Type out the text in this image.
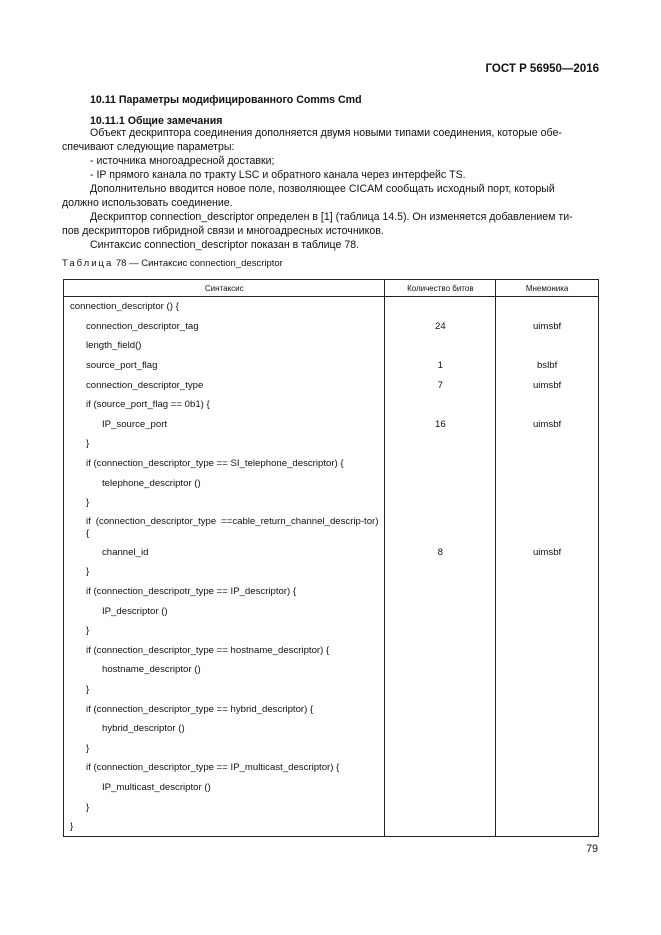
ГОСТ Р 56950—2016
10.11 Параметры модифицированного Comms Cmd
10.11.1 Общие замечания
Объект дескриптора соединения дополняется двумя новыми типами соединения, которые обе-
спечивают следующие параметры:
- источника многоадресной доставки;
- IP прямого канала по тракту LSC и обратного канала через интерфейс TS.
Дополнительно вводится новое поле, позволяющее CICAM сообщать исходный порт, который
должно использовать соединение.
Дескриптор connection_descriptor определен в [1] (таблица 14.5). Он изменяется добавлением ти-
пов дескрипторов гибридной связи и многоадресных источников.
Синтаксис connection_descriptor показан в таблице 78.
Таблица 78 — Синтаксис connection_descriptor
Синтаксис	Количество битов	Мнемоника
connection_descriptor () {		
connection_descriptor_tag	24	uimsbf
length_field()		
source_port_flag	1	bslbf
connection_descriptor_type	7	uimsbf
if (source_port_flag == 0b1) {		
IP_source_port	16	uimsbf
}		
if (connection_descriptor_type == SI_telephone_descriptor) {		
telephone_descriptor ()		
}		
if (connection_descriptor_type ==cable_return_channel_descrip-tor) {		
channel_id	8	uimsbf
}		
if (connection_descripotr_type == IP_descriptor) {		
IP_descriptor ()		
}		
if (connection_descriptor_type == hostname_descriptor) {		
hostname_descriptor ()		
}		
if (connection_descriptor_type == hybrid_descriptor) {		
hybrid_descriptor ()		
}		
if (connection_descriptor_type == IP_multicast_descriptor) {		
IP_multicast_descriptor ()		
}		
}		
79
